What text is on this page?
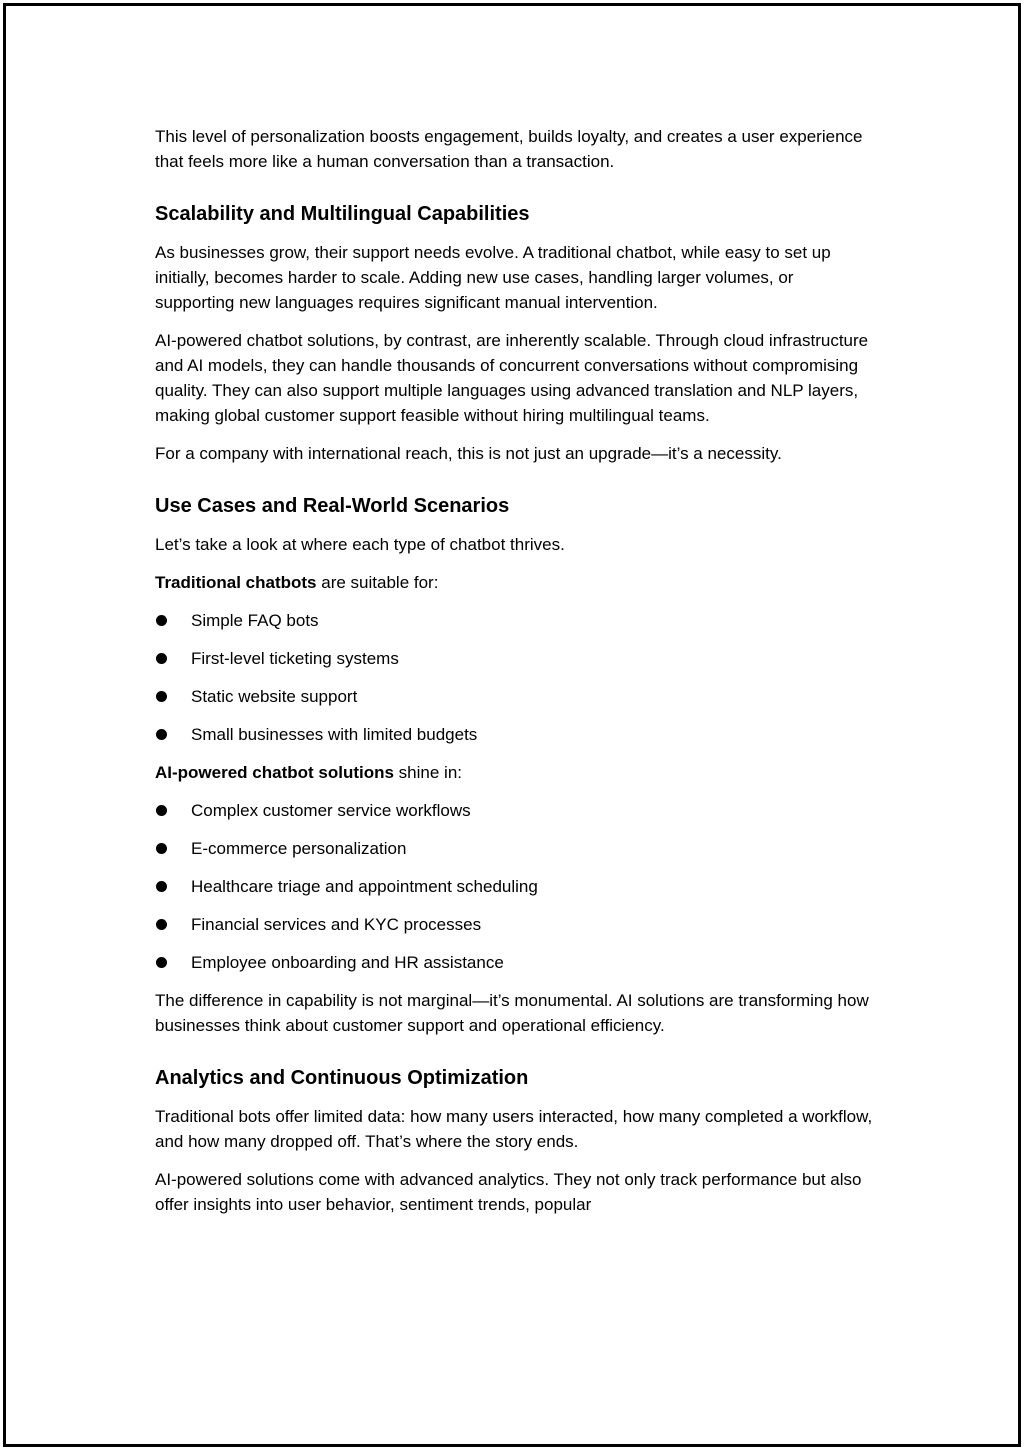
This level of personalization boosts engagement, builds loyalty, and creates a user experience that feels more like a human conversation than a transaction.

Scalability and Multilingual Capabilities

As businesses grow, their support needs evolve. A traditional chatbot, while easy to set up initially, becomes harder to scale. Adding new use cases, handling larger volumes, or supporting new languages requires significant manual intervention.

AI-powered chatbot solutions, by contrast, are inherently scalable. Through cloud infrastructure and AI models, they can handle thousands of concurrent conversations without compromising quality. They can also support multiple languages using advanced translation and NLP layers, making global customer support feasible without hiring multilingual teams.

For a company with international reach, this is not just an upgrade—it’s a necessity.

Use Cases and Real-World Scenarios

Let’s take a look at where each type of chatbot thrives.

Traditional chatbots are suitable for:

Simple FAQ bots
First-level ticketing systems
Static website support
Small businesses with limited budgets

AI-powered chatbot solutions shine in:

Complex customer service workflows
E-commerce personalization
Healthcare triage and appointment scheduling
Financial services and KYC processes
Employee onboarding and HR assistance

The difference in capability is not marginal—it’s monumental. AI solutions are transforming how businesses think about customer support and operational efficiency.

Analytics and Continuous Optimization

Traditional bots offer limited data: how many users interacted, how many completed a workflow, and how many dropped off. That’s where the story ends.

AI-powered solutions come with advanced analytics. They not only track performance but also offer insights into user behavior, sentiment trends, popular
